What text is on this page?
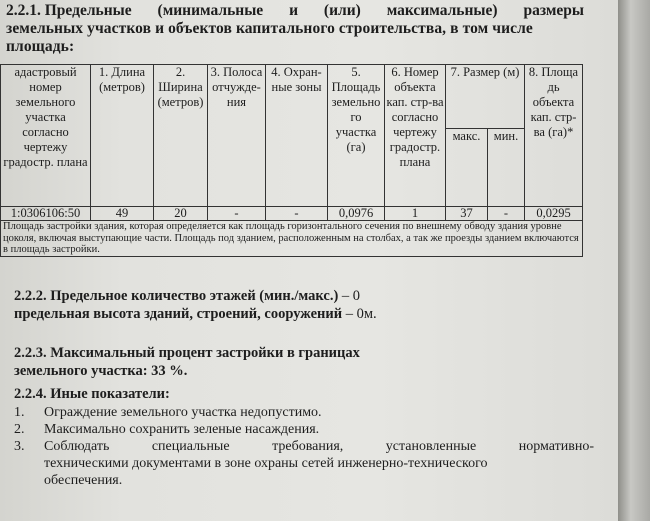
2.2.1. Предельные (минимальные и (или) максимальные) размеры
земельных участков и объектов капитального строительства, в том числе
площадь:
адастровый номер земельного участка согласно чертежу градостр. плана	1. Длина (метров)	2. Ширина (метров)	3. Полоса отчужде-ния	4. Охран-ные зоны	5. Площадь земельно го участка (га)	6. Номер объекта кап. стр-ва согласно чертежу градостр. плана	7. Размер (м)		8. Площа дь объекта кап. стр-ва (га)*
							макс.	мин.	
1:0306106:50	49	20	-	-	0,0976	1	37	-	0,0295
Площадь застройки здания, которая определяется как площадь горизонтального сечения по внешнему обводу здания уровне цоколя, включая выступающие части. Площадь под зданием, расположенным на столбах, а так же проезды зданием включаются в площадь застройки.									
2.2.2. Предельное количество этажей (мин./макс.) – 0
предельная высота зданий, строений, сооружений – 0м.
2.2.3. Максимальный процент застройки в границах
земельного участка: 33 %.
2.2.4. Иные показатели:
1.	Ограждение земельного участка недопустимо.
2.	Максимально сохранить зеленые насаждения.
3.	Соблюдать	специальные	требования,	установленные	нормативно-
техническими документами в зоне охраны сетей инженерно-технического
обеспечения.
